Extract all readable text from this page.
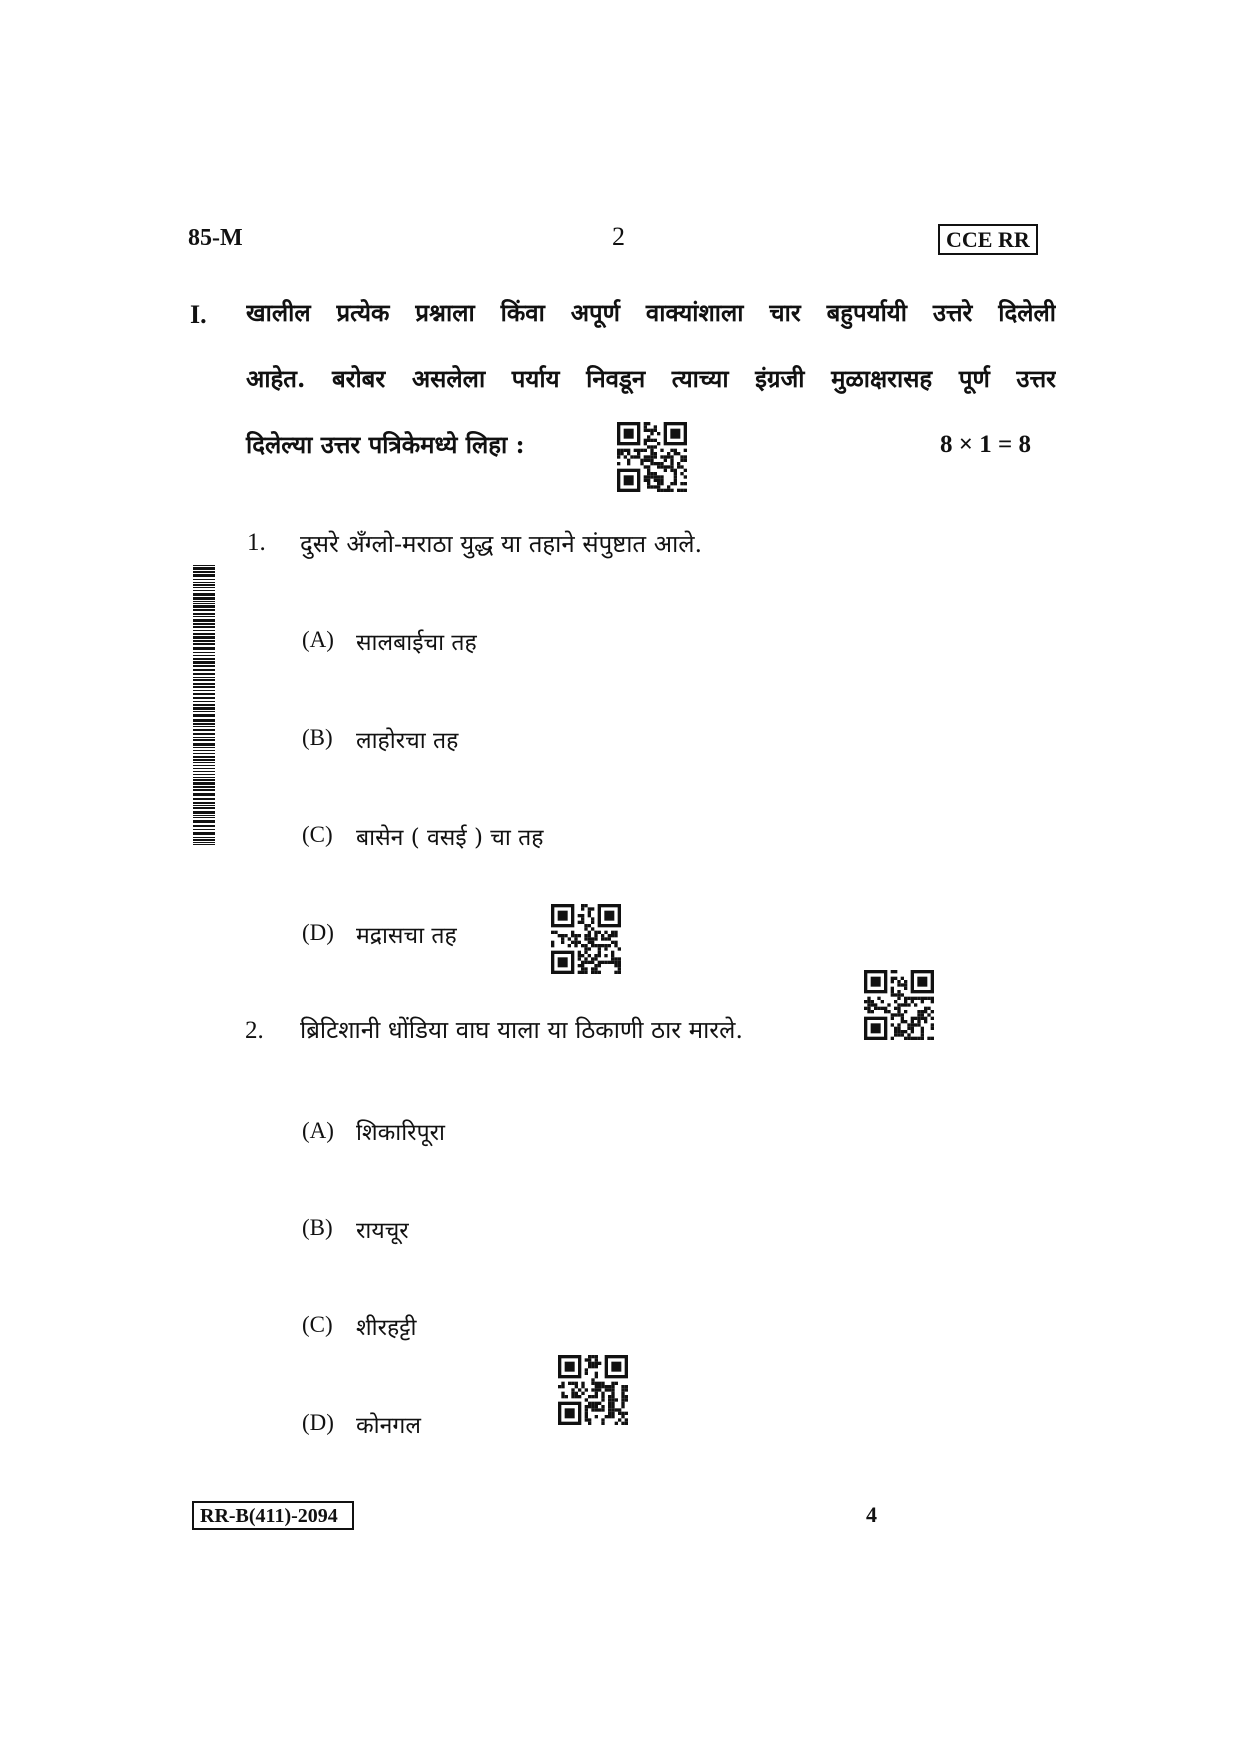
85-M	2	CCE RR
I. खालील प्रत्येक प्रश्नाला किंवा अपूर्ण वाक्यांशाला चार बहुपर्यायी उत्तरे दिलेली
आहेत. बरोबर असलेला पर्याय निवडून त्याच्या इंग्रजी मुळाक्षरासह पूर्ण उत्तर
दिलेल्या उत्तर पत्रिकेमध्ये लिहा :	8 × 1 = 8
1. दुसरे अँग्लो-मराठा युद्ध या तहाने संपुष्टात आले.
(A) सालबाईचा तह
(B) लाहोरचा तह
(C) बासेन ( वसई ) चा तह
(D) मद्रासचा तह
2. ब्रिटिशानी धोंडिया वाघ याला या ठिकाणी ठार मारले.
(A) शिकारिपूरा
(B) रायचूर
(C) शीरहट्टी
(D) कोनगल
RR-B(411)-2094	4
